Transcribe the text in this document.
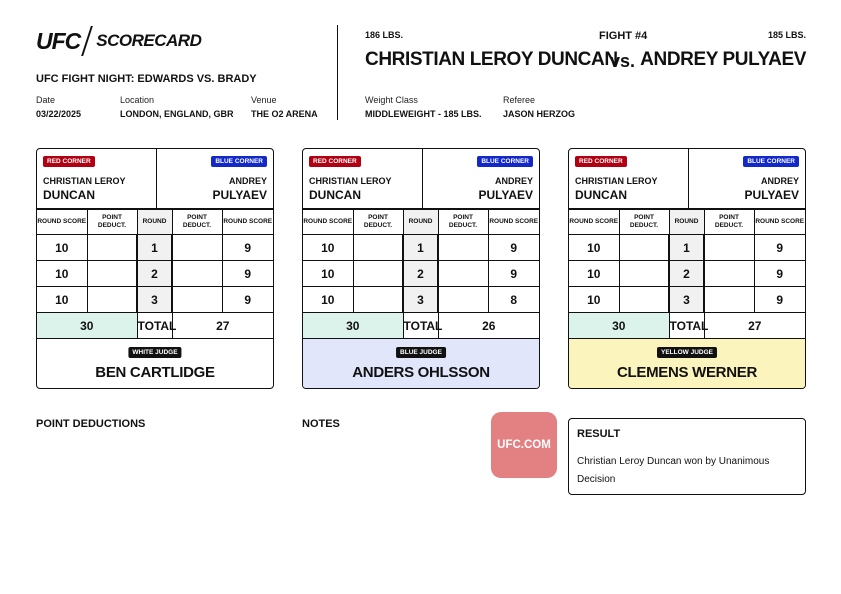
UFC SCORECARD
UFC FIGHT NIGHT: EDWARDS VS. BRADY
Date
03/22/2025
Location
LONDON, ENGLAND, GBR
Venue
THE O2 ARENA
186 LBS.	FIGHT #4	185 LBS.
CHRISTIAN LEROY DUNCAN
vs. ANDREY PULYAEV
Weight Class
MIDDLEWEIGHT - 185 LBS.
Referee
JASON HERZOG
RED CORNER
CHRISTIAN LEROY
DUNCAN
BLUE CORNER
ANDREY
PULYAEV
ROUND SCORE	POINT DEDUCT.	ROUND	POINT DEDUCT.	ROUND SCORE
10		1		9
10		2		9
10		3		9
30		TOTAL	27	
WHITE JUDGE
BEN CARTLIDGE
RED CORNER
CHRISTIAN LEROY
DUNCAN
BLUE CORNER
ANDREY
PULYAEV
ROUND SCORE	POINT DEDUCT.	ROUND	POINT DEDUCT.	ROUND SCORE
10		1		9
10		2		9
10		3		8
30		TOTAL	26	
BLUE JUDGE
ANDERS OHLSSON
RED CORNER
CHRISTIAN LEROY
DUNCAN
BLUE CORNER
ANDREY
PULYAEV
ROUND SCORE	POINT DEDUCT.	ROUND	POINT DEDUCT.	ROUND SCORE
10		1		9
10		2		9
10		3		9
30		TOTAL	27	
YELLOW JUDGE
CLEMENS WERNER
POINT DEDUCTIONS	NOTES
UFC.COM
RESULT
Christian Leroy Duncan won by Unanimous Decision
